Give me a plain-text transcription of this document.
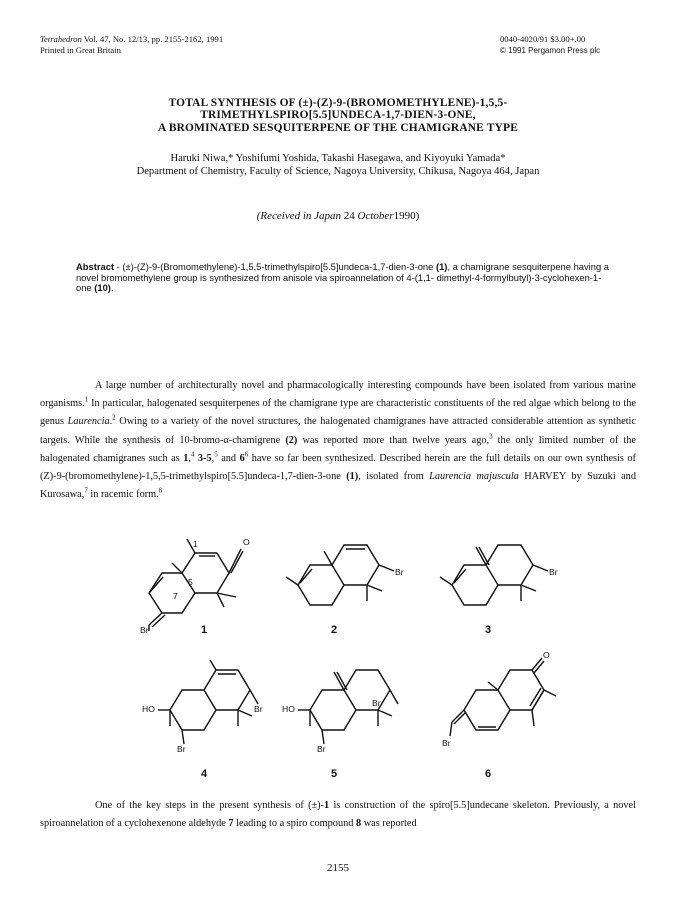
Tetrahedron Vol. 47, No. 12/13, pp. 2155-2162, 1991
Printed in Great Britain
0040-4020/91 $3.00+.00
© 1991 Pergamon Press plc
TOTAL SYNTHESIS OF (±)-(Z)-9-(BROMOMETHYLENE)-1,5,5-
TRIMETHYLSPIRO[5.5]UNDECA-1,7-DIEN-3-ONE,
A BROMINATED SESQUITERPENE OF THE CHAMIGRANE TYPE
Haruki Niwa,* Yoshifumi Yoshida, Takashi Hasegawa, and Kiyoyuki Yamada*
Department of Chemistry, Faculty of Science, Nagoya University, Chikusa, Nagoya 464, Japan
(Received in Japan 24 October1990)
Abstract - (±)-(Z)-9-(Bromomethylene)-1,5,5-trimethylspiro[5.5]undeca-1,7-dien-3-one (1), a chamigrane sesquiterpene having a novel bromomethylene group is synthesized from anisole via spiroannelation of 4-(1,1- dimethyl-4-formylbutyl)-3-cyclohexen-1-one (10).

A large number of architecturally novel and pharmacologically interesting compounds have been isolated from various marine organisms.$^1$ In particular, halogenated sesquiterpenes of the chamigrane type are characteristic constituents of the red algae which belong to the genus Laurencia.$^2$ Owing to a variety of the novel structures, the halogenated chamigranes have attracted considerable attention as synthetic targets. While the synthesis of 10-bromo-α-chamigrene (2) was reported more than twelve years ago,$^3$ the only limited number of the halogenated chamigranes such as 1,$^4$ 3-5,$^5$ and $6^6$ have so far been synthesized. Described herein are the full details on our own synthesis of (Z)-9-(bromomethylene)-1,5,5-trimethylspiro[5.5]undeca-1,7-dien-3-one (1), isolated from Laurencia majuscula HARVEY by Suzuki and Kurosawa,$^7$ in racemic form.$^8$

O
1
5
7
Br
Br	Br
1	2	3
HO
Br
Br HO
Br
Br
O
Br
4	5	6

One of the key steps in the present synthesis of (±)-1 is construction of the spiro[5.5]undecane skeleton. Previously, a novel spiroannelation of a cyclohexenone aldehyde 7 leading to a spiro compound 8 was reported

2155
